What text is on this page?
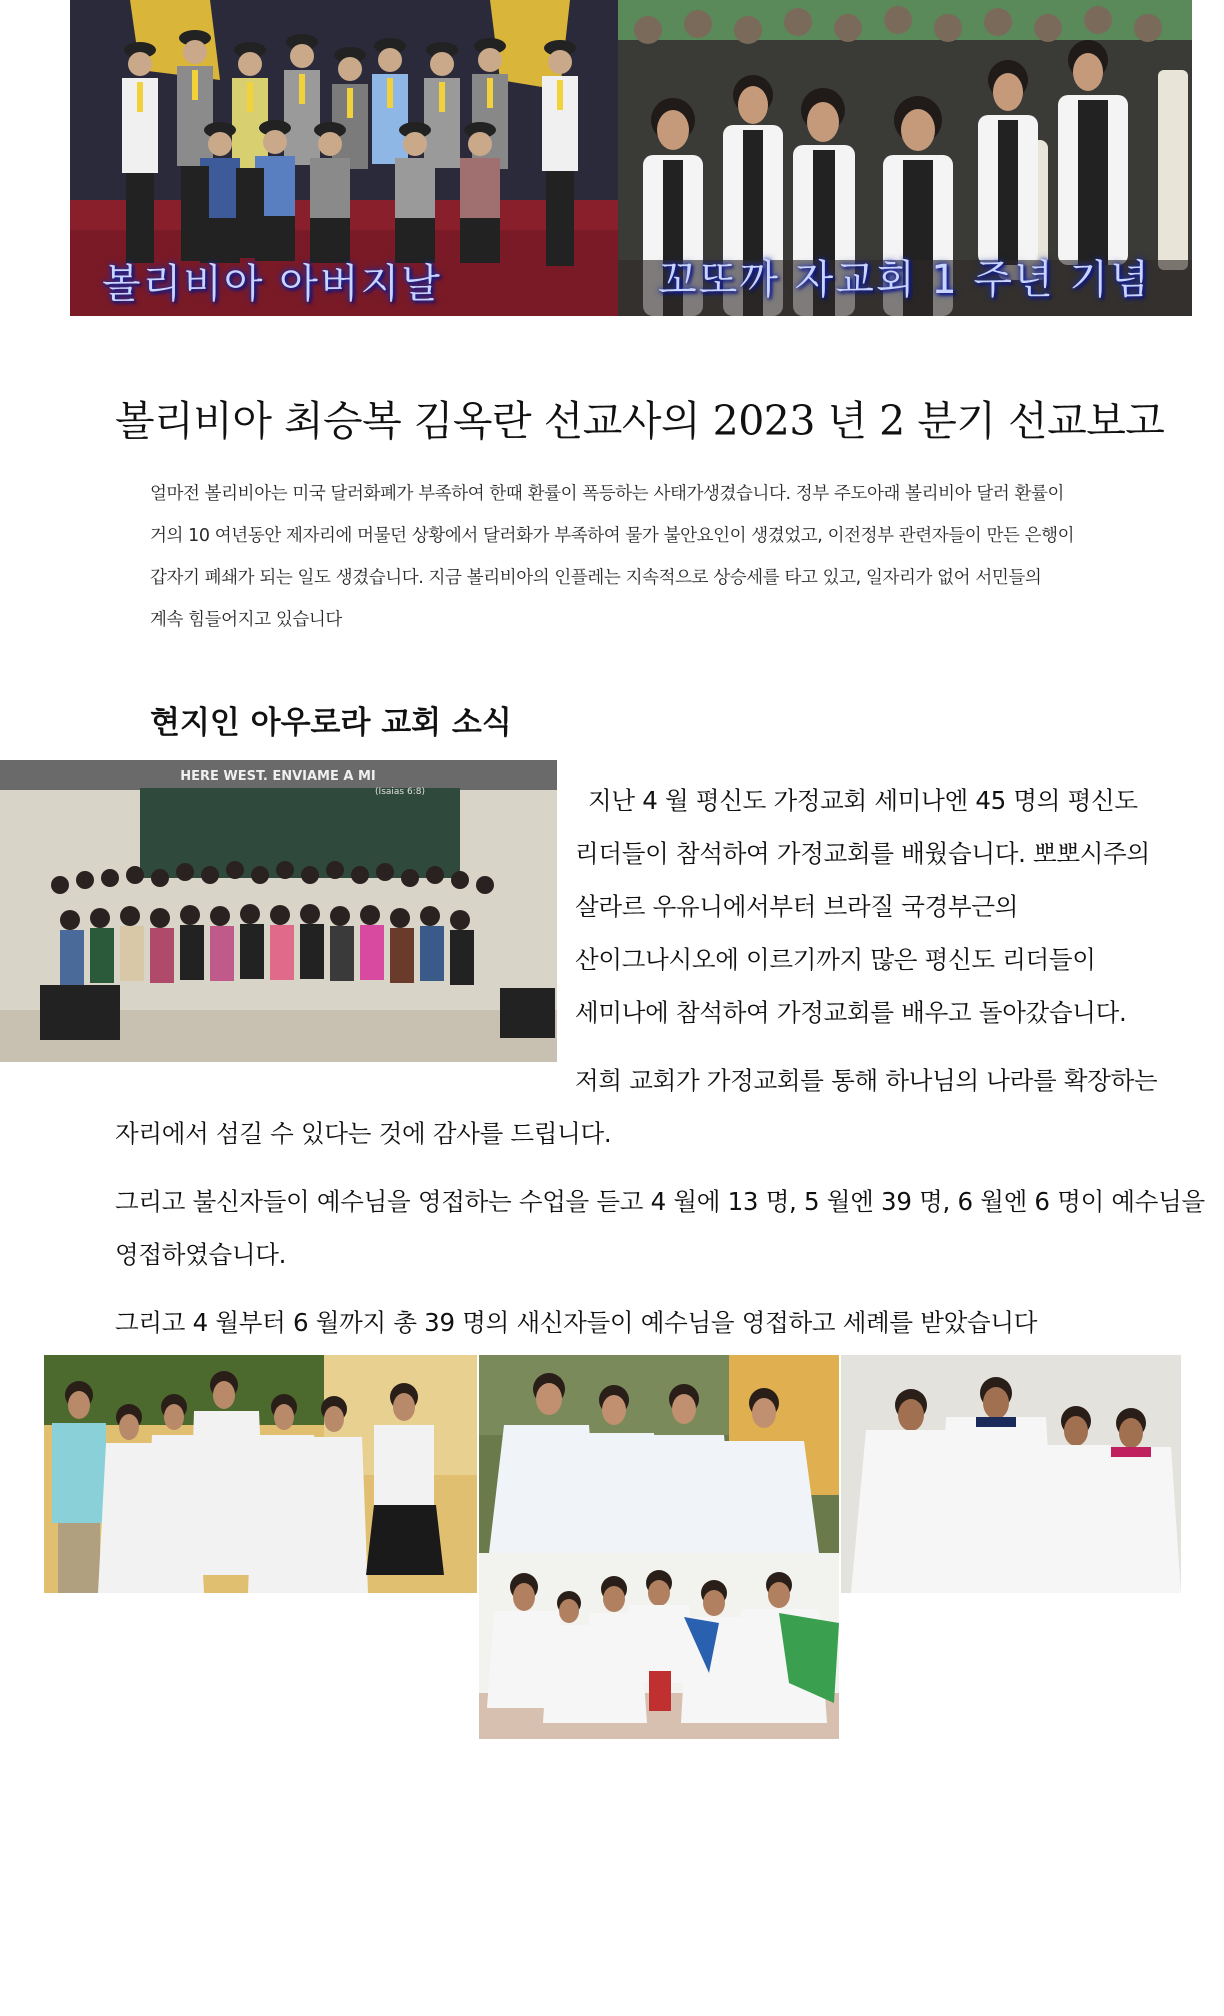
볼리비아 아버지날	꼬또까 자교회 1 주년 기념
볼리비아 최승복 김옥란 선교사의 2023 년 2 분기 선교보고
얼마전 볼리비아는 미국 달러화폐가 부족하여 한때 환률이 폭등하는 사태가생겼습니다. 정부 주도아래 볼리비아 달러 환률이
거의 10 여년동안 제자리에 머물던 상황에서 달러화가 부족하여 물가 불안요인이 생겼었고, 이전정부 관련자들이 만든 은행이
갑자기 폐쇄가 되는 일도 생겼습니다. 지금 볼리비아의 인플레는 지속적으로 상승세를 타고 있고, 일자리가 없어 서민들의
계속 힘들어지고 있습니다
현지인 아우로라 교회 소식
HERE WEST. ENVIAME A MI
(Isaias 6:8)	지난 4 월 평신도 가정교회 세미나엔 45 명의 평신도
리더들이 참석하여 가정교회를 배웠습니다. 뽀뽀시주의
살라르 우유니에서부터 브라질 국경부근의
산이그나시오에 이르기까지 많은 평신도 리더들이
세미나에 참석하여 가정교회를 배우고 돌아갔습니다.
저희 교회가 가정교회를 통해 하나님의 나라를 확장하는
자리에서 섬길 수 있다는 것에 감사를 드립니다.
그리고 불신자들이 예수님을 영접하는 수업을 듣고 4 월에 13 명, 5 월엔 39 명, 6 월엔 6 명이 예수님을
영접하였습니다.
그리고 4 월부터 6 월까지 총 39 명의 새신자들이 예수님을 영접하고 세례를 받았습니다
